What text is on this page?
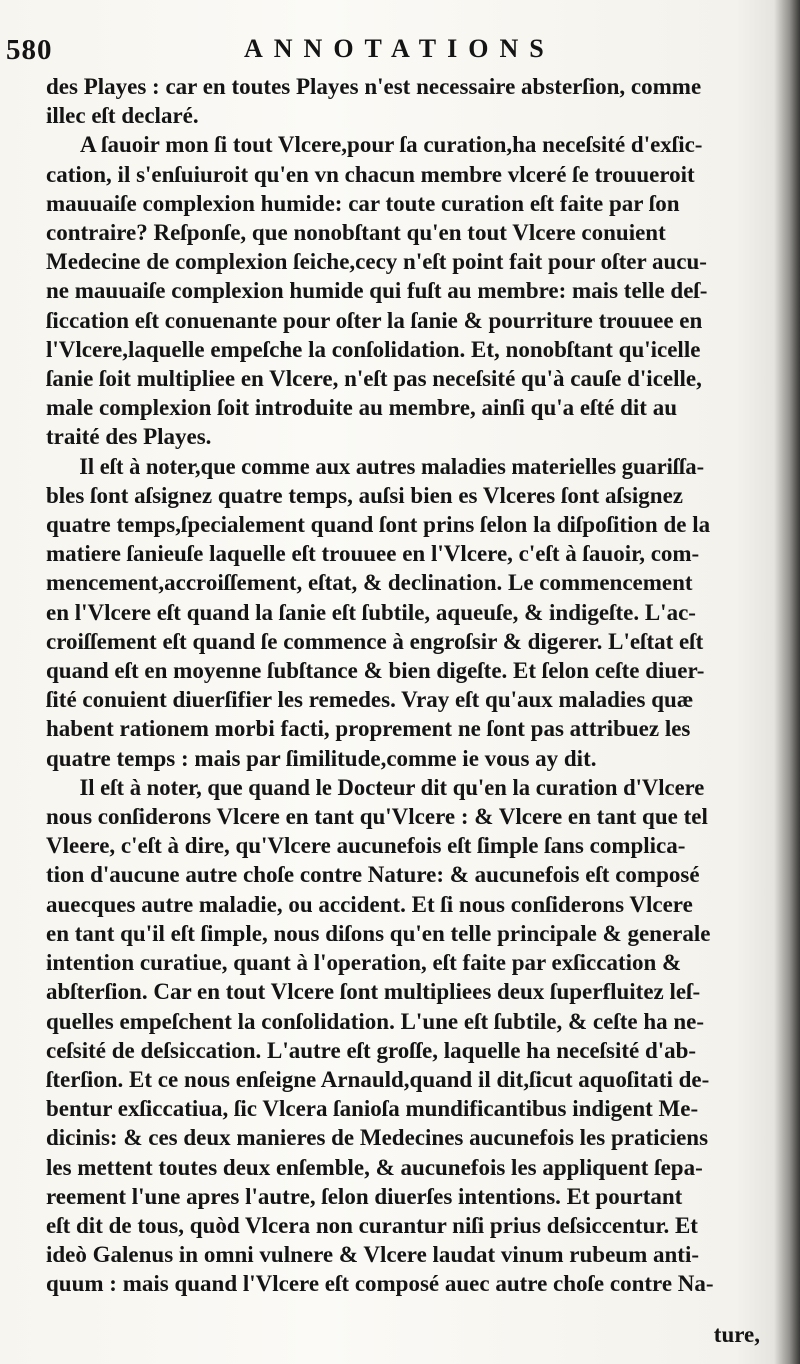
580	ANNOTATIONS

des Playes : car en toutes Playes n'est necessaire absterſion, comme
illec eſt declaré.

A ſauoir mon ſi tout Vlcere,pour ſa curation,ha neceſsité d'exſic-
cation, il s'enſuiuroit qu'en vn chacun membre vlceré ſe trouueroit
mauuaiſe complexion humide: car toute curation eſt faite par ſon
contraire? Reſponſe, que nonobſtant qu'en tout Vlcere conuient
Medecine de complexion ſeiche,cecy n'eſt point fait pour oſter aucu-
ne mauuaiſe complexion humide qui fuſt au membre: mais telle deſ-
ſiccation eſt conuenante pour oſter la ſanie & pourriture trouuee en
l'Vlcere,laquelle empeſche la conſolidation. Et, nonobſtant qu'icelle
ſanie ſoit multipliee en Vlcere, n'eſt pas neceſsité qu'à cauſe d'icelle,
male complexion ſoit introduite au membre, ainſi qu'a eſté dit au
traité des Playes.

Il eſt à noter,que comme aux autres maladies materielles guariſſa-
bles ſont aſsignez quatre temps, auſsi bien es Vlceres ſont aſsignez
quatre temps,ſpecialement quand ſont prins ſelon la diſpoſition de la
matiere ſanieuſe laquelle eſt trouuee en l'Vlcere, c'eſt à ſauoir, com-
mencement,accroiſſement, eſtat, & declination. Le commencement
en l'Vlcere eſt quand la ſanie eſt ſubtile, aqueuſe, & indigeſte. L'ac-
croiſſement eſt quand ſe commence à engroſsir & digerer. L'eſtat eſt
quand eſt en moyenne ſubſtance & bien digeſte. Et ſelon ceſte diuer-
ſité conuient diuerſifier les remedes. Vray eſt qu'aux maladies quæ
habent rationem morbi facti, proprement ne ſont pas attribuez les
quatre temps : mais par ſimilitude,comme ie vous ay dit.

Il eſt à noter, que quand le Docteur dit qu'en la curation d'Vlcere
nous conſiderons Vlcere en tant qu'Vlcere : & Vlcere en tant que tel
Vleere, c'eſt à dire, qu'Vlcere aucunefois eſt ſimple ſans complica-
tion d'aucune autre choſe contre Nature: & aucunefois eſt composé
auecques autre maladie, ou accident. Et ſi nous conſiderons Vlcere
en tant qu'il eſt ſimple, nous diſons qu'en telle principale & generale
intention curatiue, quant à l'operation, eſt faite par exſiccation &
abſterſion. Car en tout Vlcere ſont multipliees deux ſuperfluitez leſ-
quelles empeſchent la conſolidation. L'une eſt ſubtile, & ceſte ha ne-
ceſsité de deſsiccation. L'autre eſt groſſe, laquelle ha neceſsité d'ab-
ſterſion. Et ce nous enſeigne Arnauld,quand il dit,ſicut aquoſitati de-
bentur exſiccatiua, ſic Vlcera ſanioſa mundificantibus indigent Me-
dicinis: & ces deux manieres de Medecines aucunefois les praticiens
les mettent toutes deux enſemble, & aucunefois les appliquent ſepa-
reement l'une apres l'autre, ſelon diuerſes intentions. Et pourtant
eſt dit de tous, quòd Vlcera non curantur niſi prius deſsiccentur. Et
ideò Galenus in omni vulnere & Vlcere laudat vinum rubeum anti-
quum : mais quand l'Vlcere eſt composé auec autre choſe contre Na-

ture,
